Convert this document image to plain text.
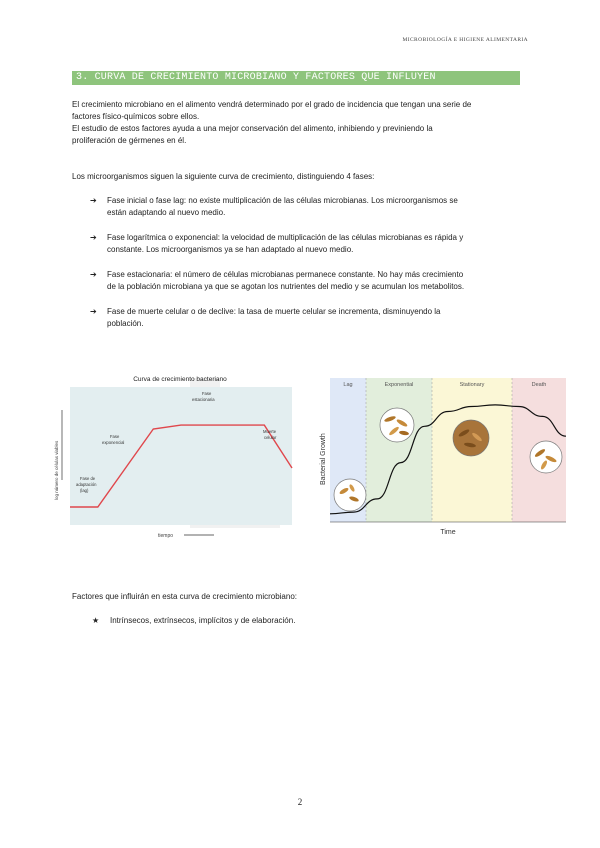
MICROBIOLOGÍA E HIGIENE ALIMENTARIA
3. CURVA DE CRECIMIENTO MICROBIANO Y FACTORES QUE INFLUYEN
El crecimiento microbiano en el alimento vendrá determinado por el grado de incidencia que tengan una serie de
factores físico-químicos sobre ellos.
El estudio de estos factores ayuda a una mejor conservación del alimento, inhibiendo y previniendo la
proliferación de gérmenes en él.
Los microorganismos siguen la siguiente curva de crecimiento, distinguiendo 4 fases:
➔	Fase inicial o fase lag: no existe multiplicación de las células microbianas. Los microorganismos se
están adaptando al nuevo medio.
➔	Fase logarítmica o exponencial: la velocidad de multiplicación de las células microbianas es rápida y
constante. Los microorganismos ya se han adaptado al nuevo medio.
➔	Fase estacionaria: el número de células microbianas permanece constante. No hay más crecimiento
de la población microbiana ya que se agotan los nutrientes del medio y se acumulan los metabolitos.
➔	Fase de muerte celular o de declive: la tasa de muerte celular se incrementa, disminuyendo la
población.
Curva de crecimiento bacteriano
log número de células viables
tiempo
Fase de adaptación (lag)
Fase exponencial
Fase estacionaria
Muerte celular
Lag	Exponential	Stationary	Death
Bacterial Growth
Time
Factores que influirán en esta curva de crecimiento microbiano:
★	Intrínsecos, extrínsecos, implícitos y de elaboración.
2
